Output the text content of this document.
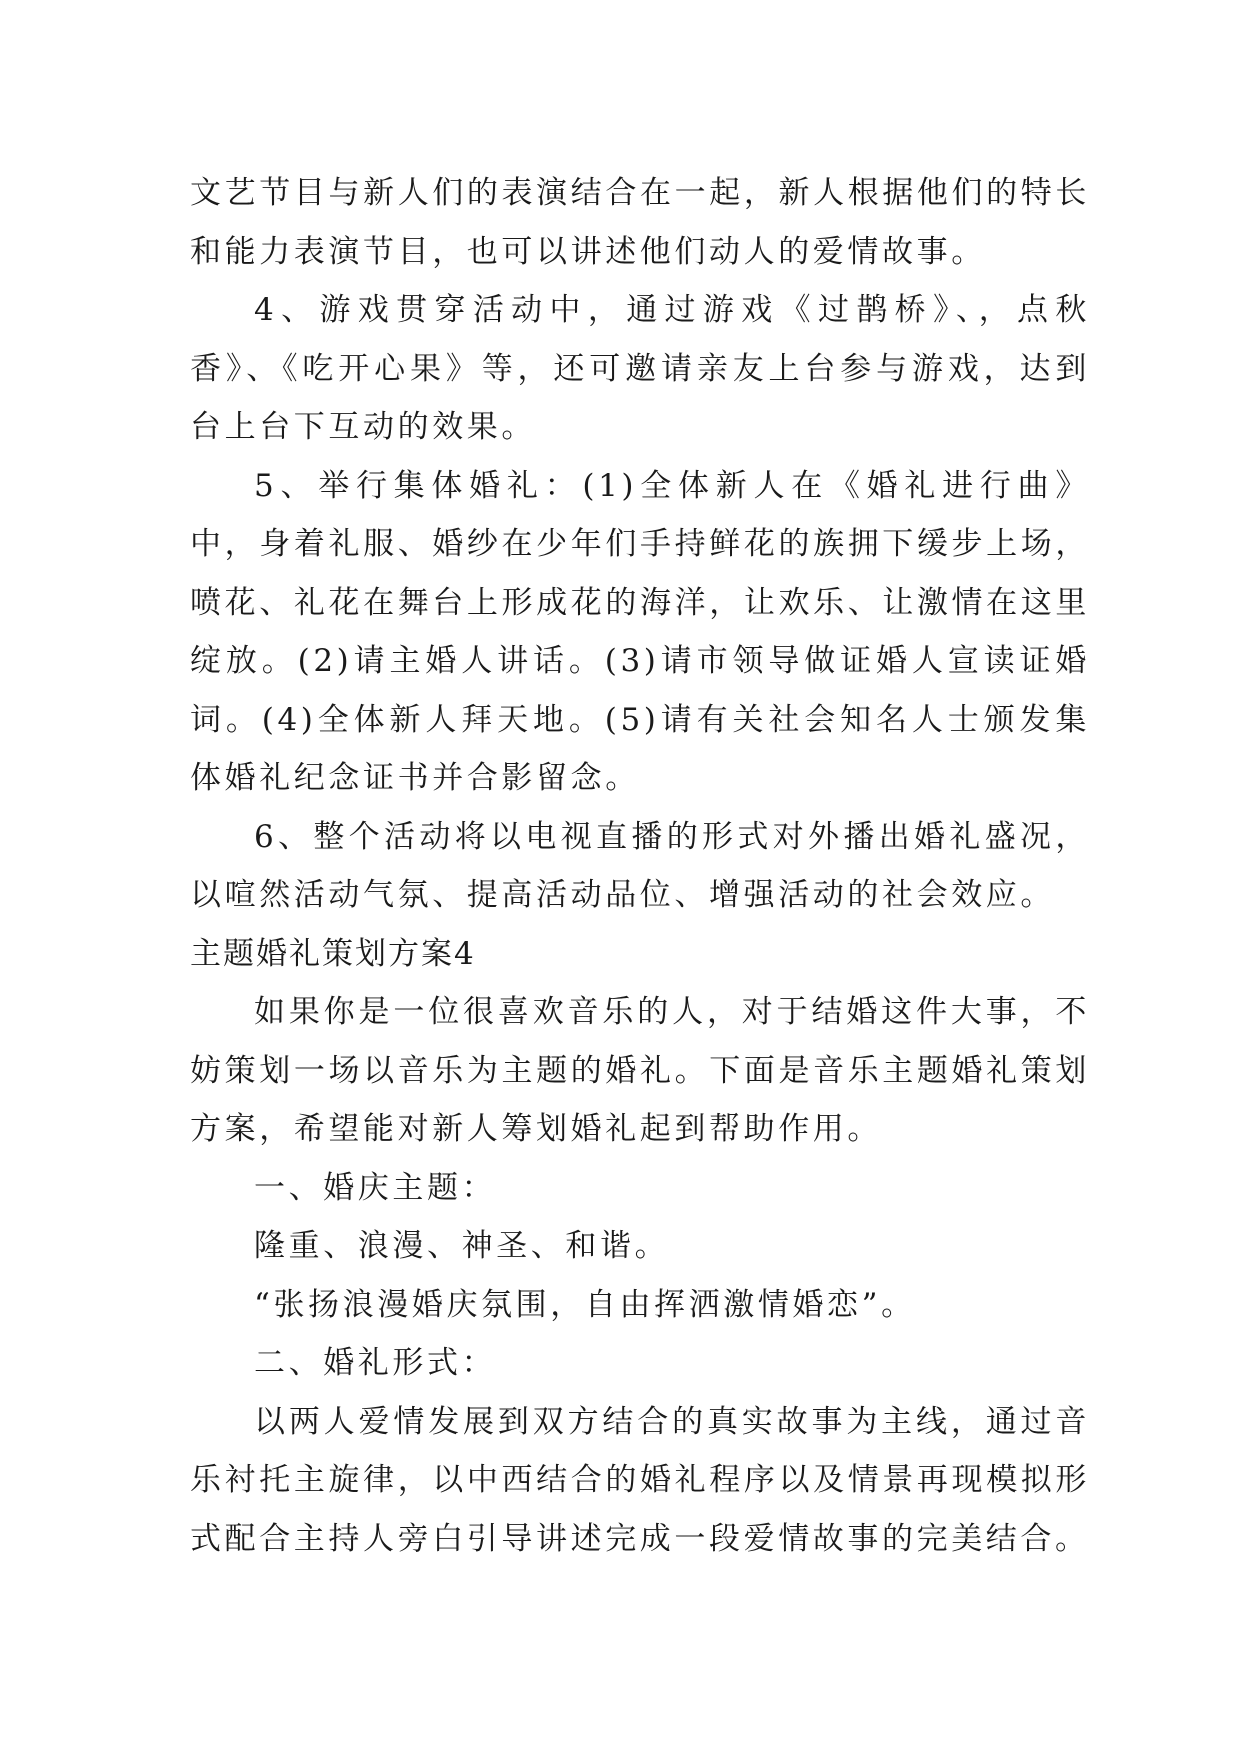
文艺节目与新人们的表演结合在一起，新人根据他们的特长和能力表演节目，也可以讲述他们动人的爱情故事。

4、游戏贯穿活动中，通过游戏《过鹊桥》、，点秋香》、《吃开心果》等，还可邀请亲友上台参与游戏，达到台上台下互动的效果。

5、举行集体婚礼：(1)全体新人在《婚礼进行曲》中，身着礼服、婚纱在少年们手持鲜花的族拥下缓步上场，喷花、礼花在舞台上形成花的海洋，让欢乐、让激情在这里绽放。(2)请主婚人讲话。(3)请市领导做证婚人宣读证婚词。(4)全体新人拜天地。(5)请有关社会知名人士颁发集体婚礼纪念证书并合影留念。

6、整个活动将以电视直播的形式对外播出婚礼盛况，以喧然活动气氛、提高活动品位、增强活动的社会效应。

主题婚礼策划方案4

如果你是一位很喜欢音乐的人，对于结婚这件大事，不妨策划一场以音乐为主题的婚礼。下面是音乐主题婚礼策划方案，希望能对新人筹划婚礼起到帮助作用。

一、婚庆主题：

隆重、浪漫、神圣、和谐。

“张扬浪漫婚庆氛围，自由挥洒激情婚恋”。

二、婚礼形式：

以两人爱情发展到双方结合的真实故事为主线，通过音乐衬托主旋律，以中西结合的婚礼程序以及情景再现模拟形式配合主持人旁白引导讲述完成一段爱情故事的完美结合。
